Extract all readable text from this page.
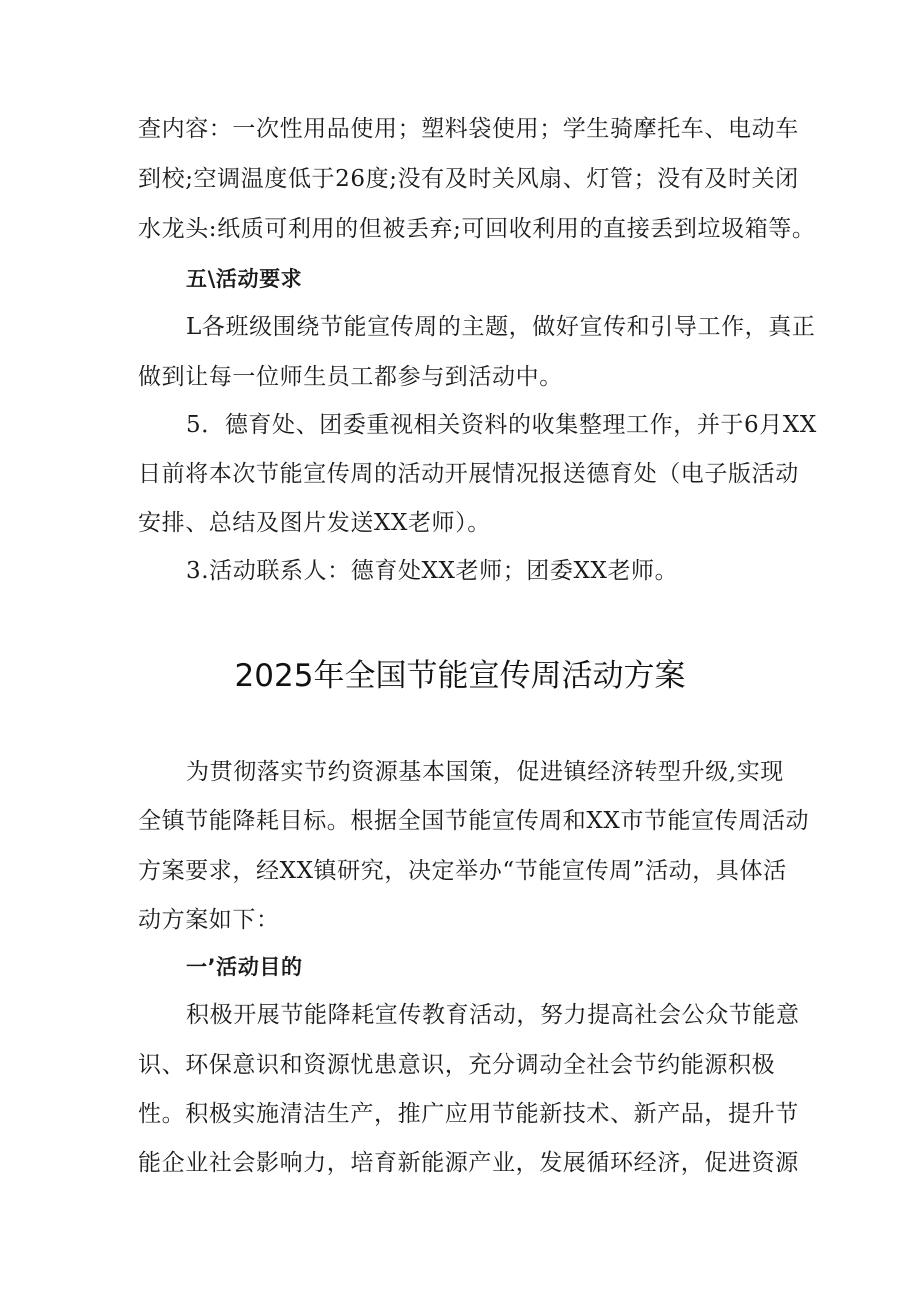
查内容：一次性用品使用；塑料袋使用；学生骑摩托车、电动车
到校;空调温度低于26度;没有及时关风扇、灯管；没有及时关闭
水龙头:纸质可利用的但被丢弃;可回收利用的直接丢到垃圾箱等。
五\活动要求
L各班级围绕节能宣传周的主题，做好宣传和引导工作，真正
做到让每一位师生员工都参与到活动中。
5．德育处、团委重视相关资料的收集整理工作，并于6月XX
日前将本次节能宣传周的活动开展情况报送德育处（电子版活动
安排、总结及图片发送XX老师）。
3.活动联系人：德育处XX老师；团委XX老师。
2025年全国节能宣传周活动方案
为贯彻落实节约资源基本国策，促进镇经济转型升级,实现
全镇节能降耗目标。根据全国节能宣传周和XX市节能宣传周活动
方案要求，经XX镇研究，决定举办“节能宣传周”活动，具体活
动方案如下：
一’活动目的
积极开展节能降耗宣传教育活动，努力提高社会公众节能意
识、环保意识和资源忧患意识，充分调动全社会节约能源积极
性。积极实施清洁生产，推广应用节能新技术、新产品，提升节
能企业社会影响力，培育新能源产业，发展循环经济，促进资源
